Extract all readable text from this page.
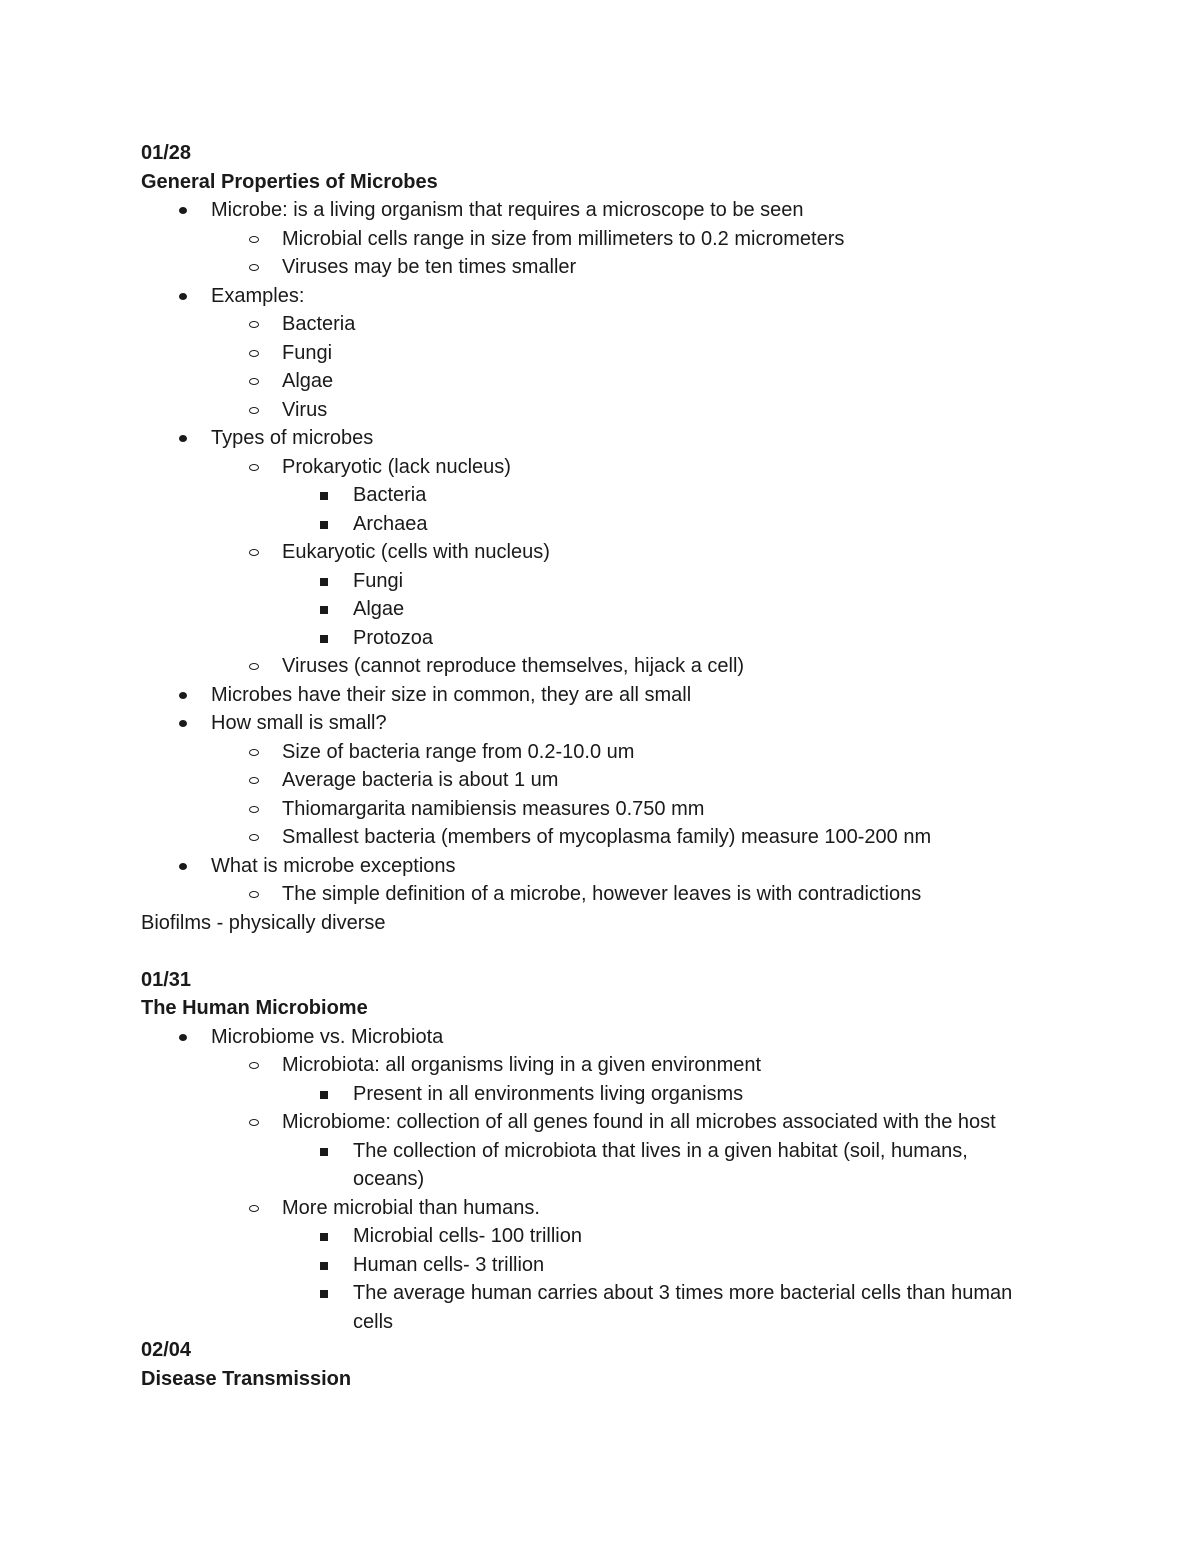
01/28
General Properties of Microbes
Microbe: is a living organism that requires a microscope to be seen
Microbial cells range in size from millimeters to 0.2 micrometers
Viruses may be ten times smaller
Examples:
Bacteria
Fungi
Algae
Virus
Types of microbes
Prokaryotic (lack nucleus)
Bacteria
Archaea
Eukaryotic (cells with nucleus)
Fungi
Algae
Protozoa
Viruses (cannot reproduce themselves, hijack a cell)
Microbes have their size in common, they are all small
How small is small?
Size of bacteria range from 0.2-10.0 um
Average bacteria is about 1 um
Thiomargarita namibiensis measures 0.750 mm
Smallest bacteria (members of mycoplasma family) measure 100-200 nm
What is microbe exceptions
The simple definition of a microbe, however leaves is with contradictions
Biofilms - physically diverse
01/31
The Human Microbiome
Microbiome vs. Microbiota
Microbiota: all organisms living in a given environment
Present in all environments living organisms
Microbiome: collection of all genes found in all microbes associated with the host
The collection of microbiota that lives in a given habitat (soil, humans, oceans)
More microbial than humans.
Microbial cells- 100 trillion
Human cells- 3 trillion
The average human carries about 3 times more bacterial cells than human cells
02/04
Disease Transmission
